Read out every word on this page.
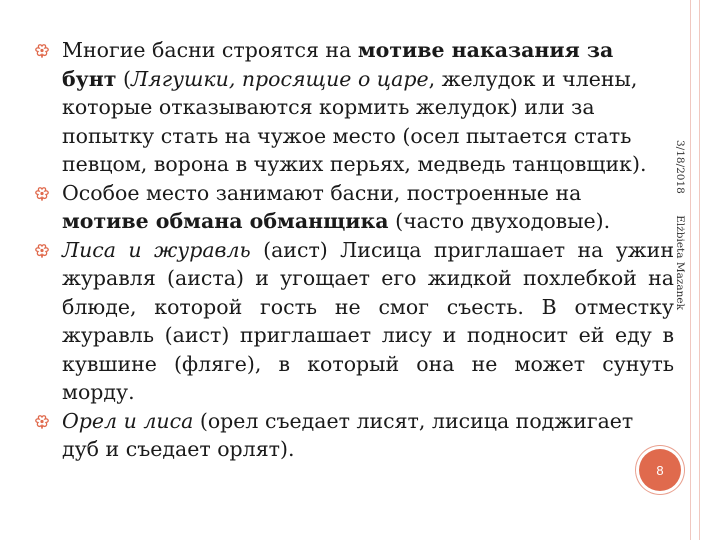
Многие басни строятся на мотиве наказания за бунт (Лягушки, просящие о царе, желудок и члены, которые отказываются кормить желудок) или за попытку стать на чужое место (осел пытается стать певцом, ворона в чужих перьях, медведь танцовщик).
Особое место занимают басни, построенные на мотиве обмана обманщика (часто двуходовые).
Лиса и журавль (аист) Лисица приглашает на ужин журавля (аиста) и угощает его жидкой похлебкой на блюде, которой гость не смог съесть. В отместку журавль (аист) приглашает лису и подносит ей еду в кувшине (фляге), в который она не может сунуть морду.
Орел и лиса (орел съедает лисят, лисица поджигает дуб и съедает орлят).
3/18/2018 Elżbieta Mazanek
8
